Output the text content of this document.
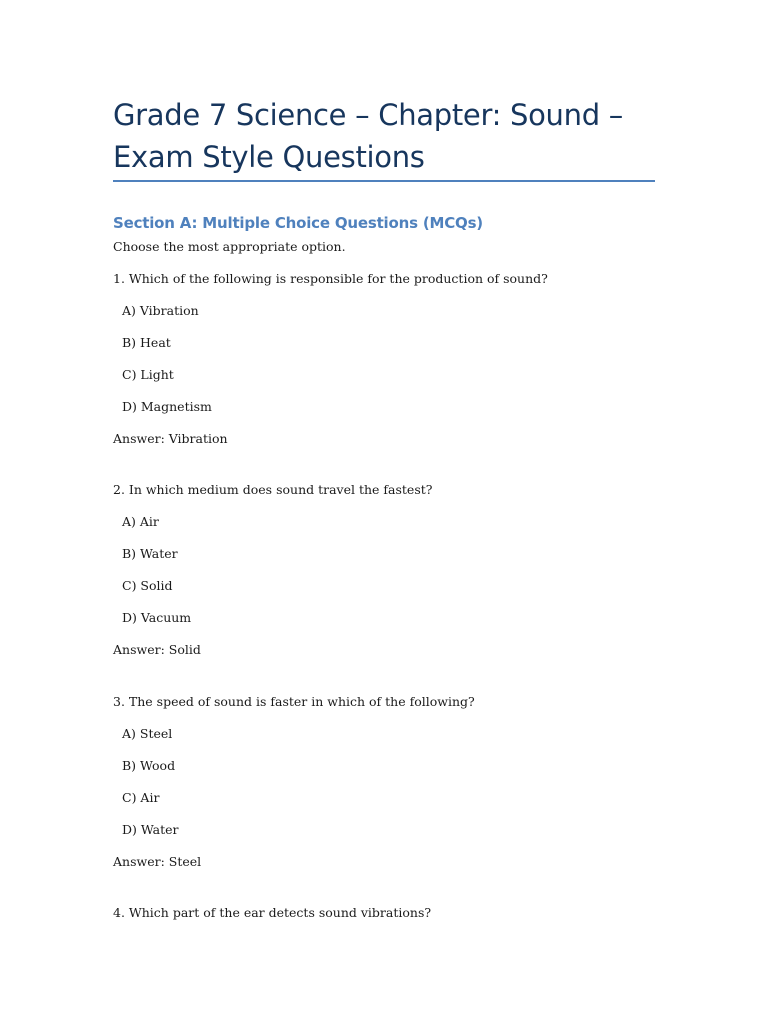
Grade 7 Science – Chapter: Sound – Exam Style Questions
Section A: Multiple Choice Questions (MCQs)

Choose the most appropriate option.

1. Which of the following is responsible for the production of sound?

A) Vibration

B) Heat

C) Light

D) Magnetism

Answer: Vibration

2. In which medium does sound travel the fastest?

A) Air

B) Water

C) Solid

D) Vacuum

Answer: Solid

3. The speed of sound is faster in which of the following?

A) Steel

B) Wood

C) Air

D) Water

Answer: Steel

4. Which part of the ear detects sound vibrations?
